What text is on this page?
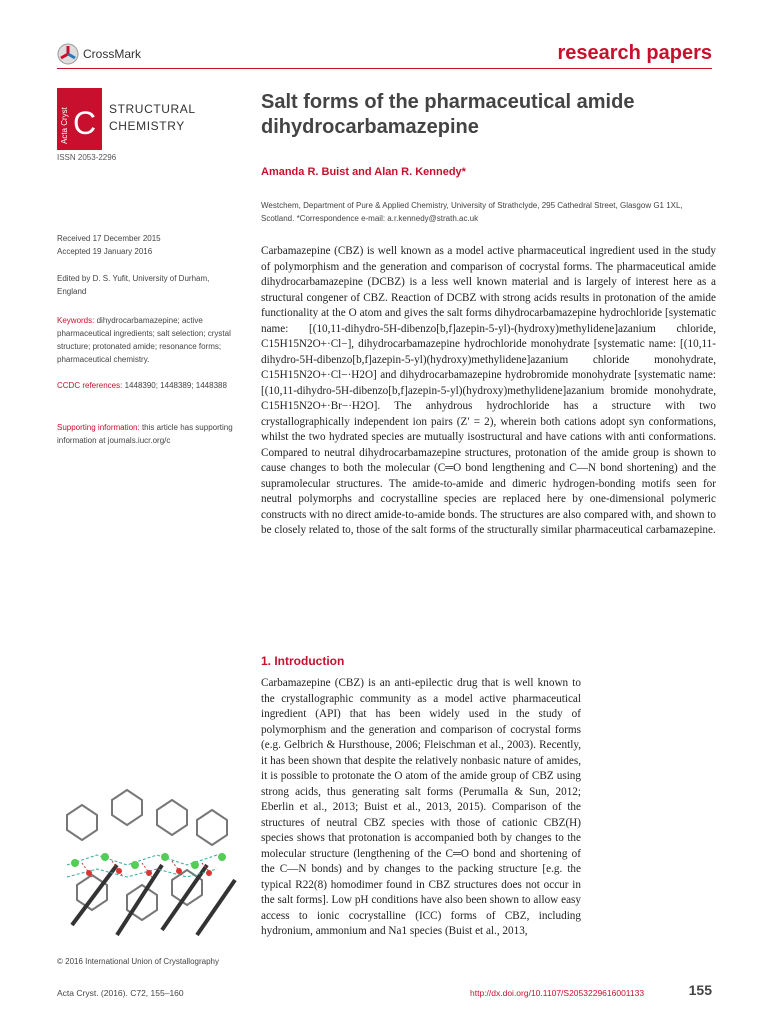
CrossMark	research papers
Acta Cryst C STRUCTURAL
CHEMISTRY
ISSN 2053-2296
Received 17 December 2015
Accepted 19 January 2016
Edited by D. S. Yufit, University of Durham, England
Keywords: dihydrocarbamazepine; active pharmaceutical ingredients; salt selection; crystal structure; protonated amide; resonance forms; pharmaceutical chemistry.
CCDC references: 1448390; 1448389; 1448388
Supporting information: this article has supporting information at journals.iucr.org/c
Salt forms of the pharmaceutical amide dihydrocarbamazepine
Amanda R. Buist and Alan R. Kennedy*
Westchem, Department of Pure & Applied Chemistry, University of Strathclyde, 295 Cathedral Street, Glasgow G1 1XL, Scotland. *Correspondence e-mail: a.r.kennedy@strath.ac.uk
Carbamazepine (CBZ) is well known as a model active pharmaceutical ingredient used in the study of polymorphism and the generation and comparison of cocrystal forms. The pharmaceutical amide dihydrocarbamazepine (DCBZ) is a less well known material and is largely of interest here as a structural congener of CBZ. Reaction of DCBZ with strong acids results in protonation of the amide functionality at the O atom and gives the salt forms dihydrocarbamazepine hydrochloride [systematic name: [(10,11-dihydro-5H-dibenzo[b,f]azepin-5-yl)-(hydroxy)methylidene]azanium chloride, C15H15N2O+·Cl−], dihydrocarbamazepine hydrochloride monohydrate [systematic name: [(10,11-dihydro-5H-dibenzo[b,f]azepin-5-yl)(hydroxy)methylidene]azanium chloride monohydrate, C15H15N2O+·Cl−·H2O] and dihydrocarbamazepine hydrobromide monohydrate [systematic name: [(10,11-dihydro-5H-dibenzo[b,f]azepin-5-yl)(hydroxy)methylidene]azanium bromide monohydrate, C15H15N2O+·Br−·H2O]. The anhydrous hydrochloride has a structure with two crystallographically independent ion pairs (Z′ = 2), wherein both cations adopt syn conformations, whilst the two hydrated species are mutually isostructural and have cations with anti conformations. Compared to neutral dihydrocarbamazepine structures, protonation of the amide group is shown to cause changes to both the molecular (C═O bond lengthening and C—N bond shortening) and the supramolecular structures. The amide-to-amide and dimeric hydrogen-bonding motifs seen for neutral polymorphs and cocrystalline species are replaced here by one-dimensional polymeric constructs with no direct amide-to-amide bonds. The structures are also compared with, and shown to be closely related to, those of the salt forms of the structurally similar pharmaceutical carbamazepine.
1. Introduction
Carbamazepine (CBZ) is an anti-epilectic drug that is well known to the crystallographic community as a model active pharmaceutical ingredient (API) that has been widely used in the study of polymorphism and the generation and comparison of cocrystal forms (e.g. Gelbrich & Hursthouse, 2006; Fleischman et al., 2003). Recently, it has been shown that despite the relatively nonbasic nature of amides, it is possible to protonate the O atom of the amide group of CBZ using strong acids, thus generating salt forms (Perumalla & Sun, 2012; Eberlin et al., 2013; Buist et al., 2013, 2015). Comparison of the structures of neutral CBZ species with those of cationic CBZ(H) species shows that protonation is accompanied both by changes to the molecular structure (lengthening of the C═O bond and shortening of the C—N bonds) and by changes to the packing structure [e.g. the typical R22(8) homodimer found in CBZ structures does not occur in the salt forms]. Low pH conditions have also been shown to allow easy access to ionic cocrystalline (ICC) forms of CBZ, including hydronium, ammonium and Na1 species (Buist et al., 2013,
© 2016 International Union of Crystallography
Acta Cryst. (2016). C72, 155–160	http://dx.doi.org/10.1107/S2053229616001133	155
